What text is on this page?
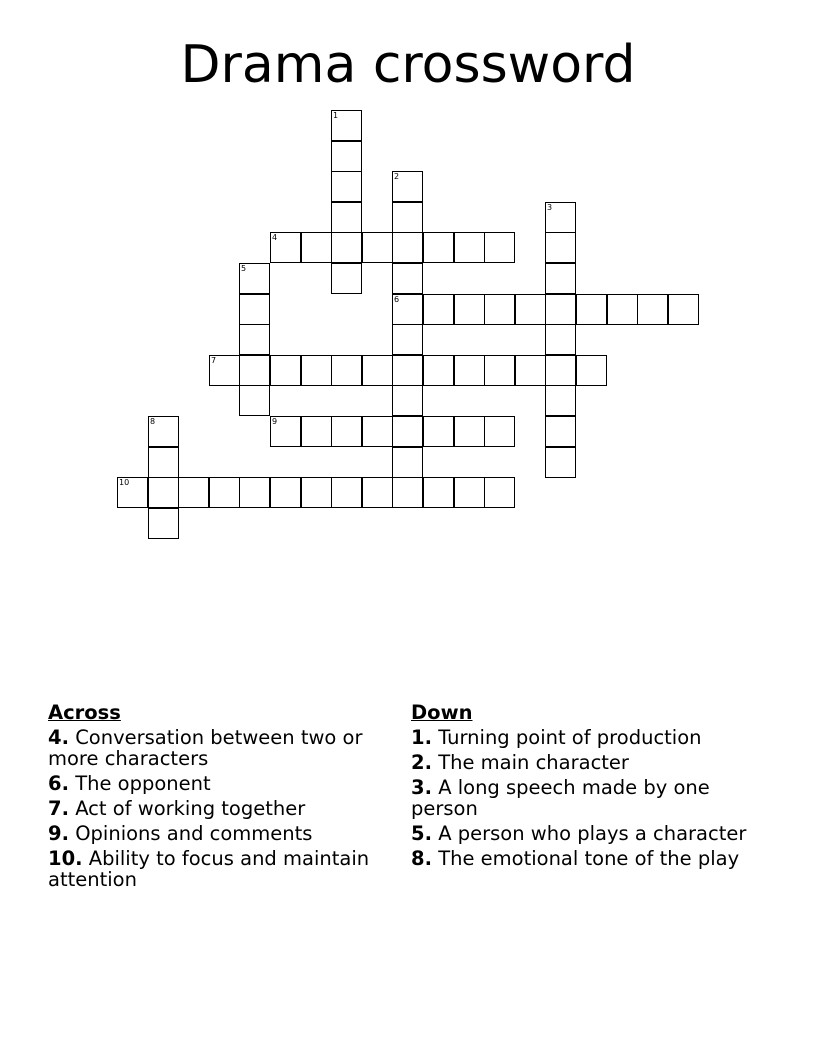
Drama crossword
1
2
3
4
5
6
7
8	9
10
Across
4. Conversation between two or more characters
6. The opponent
7. Act of working together
9. Opinions and comments
10. Ability to focus and maintain attention
Down
1. Turning point of production
2. The main character
3. A long speech made by one person
5. A person who plays a character
8. The emotional tone of the play
